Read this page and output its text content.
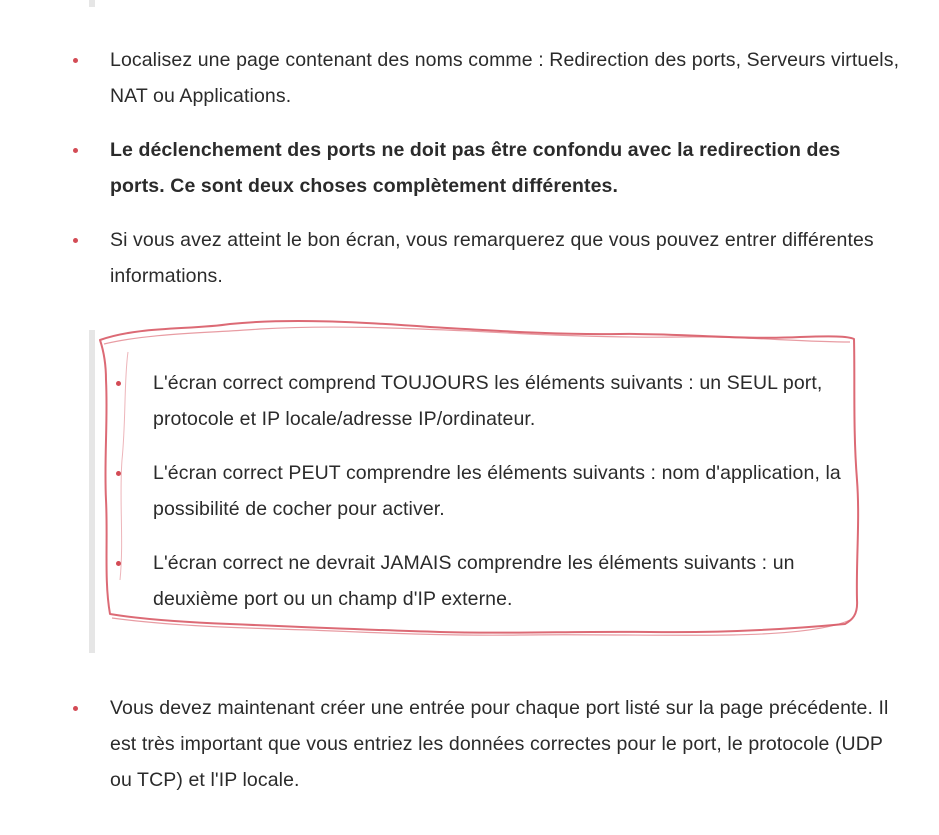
Localisez une page contenant des noms comme : Redirection des ports, Serveurs virtuels, NAT ou Applications.
Le déclenchement des ports ne doit pas être confondu avec la redirection des ports. Ce sont deux choses complètement différentes.
Si vous avez atteint le bon écran, vous remarquerez que vous pouvez entrer différentes informations.
L'écran correct comprend TOUJOURS les éléments suivants : un SEUL port, protocole et IP locale/adresse IP/ordinateur.
L'écran correct PEUT comprendre les éléments suivants : nom d'application, la possibilité de cocher pour activer.
L'écran correct ne devrait JAMAIS comprendre les éléments suivants : un deuxième port ou un champ d'IP externe.
Vous devez maintenant créer une entrée pour chaque port listé sur la page précédente. Il est très important que vous entriez les données correctes pour le port, le protocole (UDP ou TCP) et l'IP locale.
